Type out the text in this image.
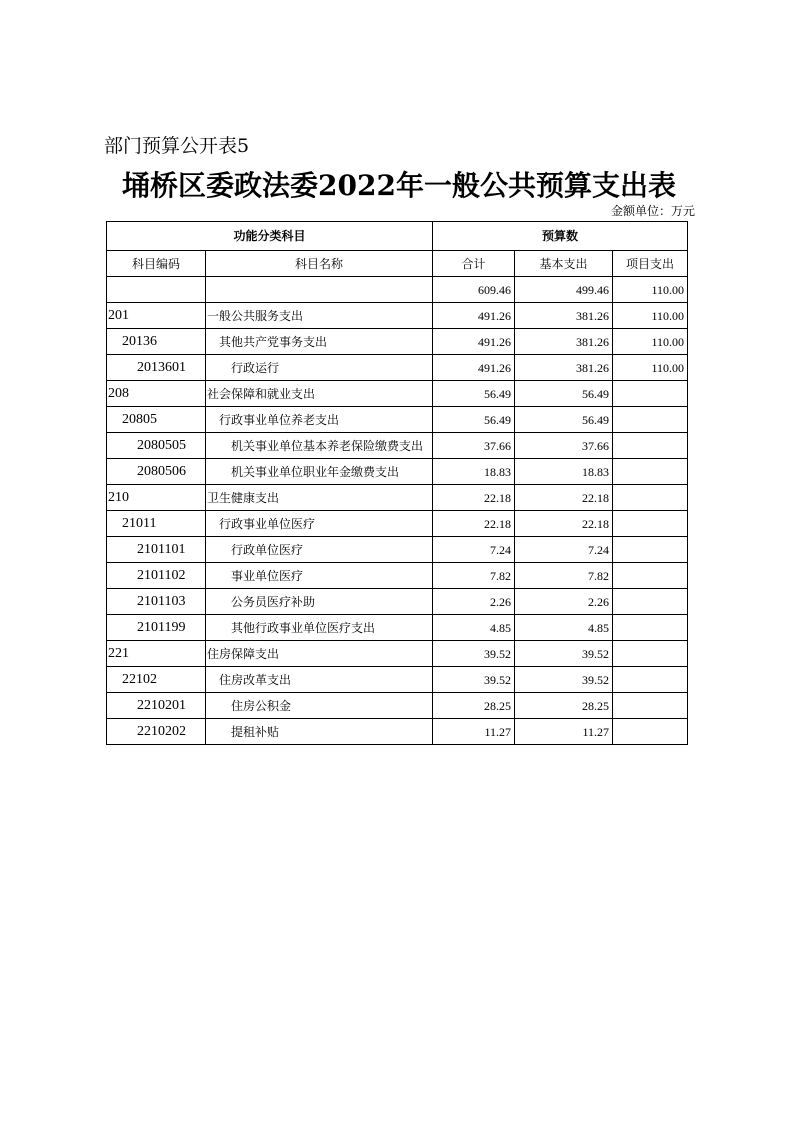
部门预算公开表5
埇桥区委政法委2022年一般公共预算支出表
金额单位：万元
功能分类科目		预算数		
科目编码	科目名称	合计	基本支出	项目支出
		609.46	499.46	110.00
201	一般公共服务支出	491.26	381.26	110.00
20136	其他共产党事务支出	491.26	381.26	110.00
2013601	行政运行	491.26	381.26	110.00
208	社会保障和就业支出	56.49	56.49	
20805	行政事业单位养老支出	56.49	56.49	
2080505	机关事业单位基本养老保险缴费支出	37.66	37.66	
2080506	机关事业单位职业年金缴费支出	18.83	18.83	
210	卫生健康支出	22.18	22.18	
21011	行政事业单位医疗	22.18	22.18	
2101101	行政单位医疗	7.24	7.24	
2101102	事业单位医疗	7.82	7.82	
2101103	公务员医疗补助	2.26	2.26	
2101199	其他行政事业单位医疗支出	4.85	4.85	
221	住房保障支出	39.52	39.52	
22102	住房改革支出	39.52	39.52	
2210201	住房公积金	28.25	28.25	
2210202	提租补贴	11.27	11.27	
